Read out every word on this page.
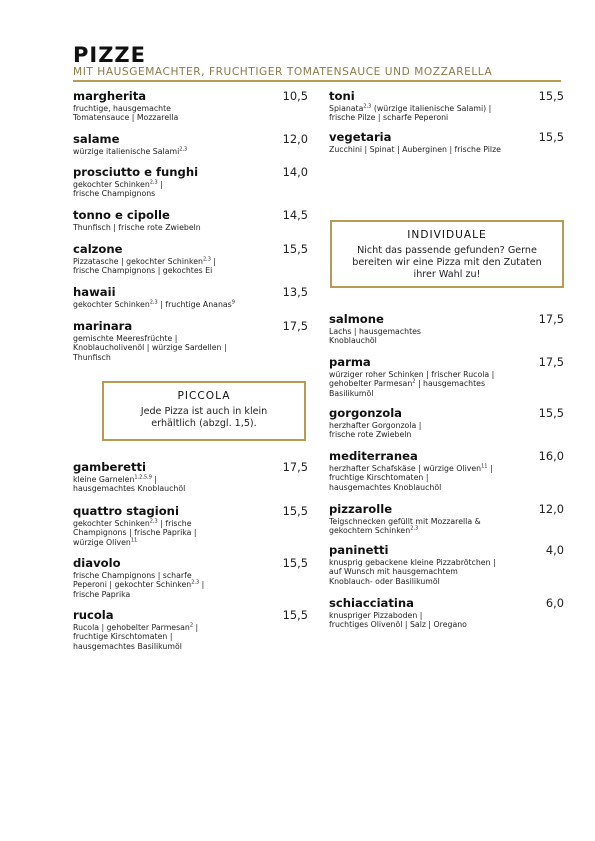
PIZZE
MIT HAUSGEMACHTER, FRUCHTIGER TOMATENSAUCE UND MOZZARELLA
margherita
fruchtige, hausgemachte
Tomatensauce | Mozzarella
10,5
salame
würzige italienische Salami$^{2,3}$
12,0
prosciutto e funghi
gekochter Schinken$^{2,3}$ |
frische Champignons
14,0
tonno e cipolle
Thunfisch | frische rote Zwiebeln
14,5
calzone
Pizzatasche | gekochter Schinken$^{2,3}$ |
frische Champignons | gekochtes Ei
15,5
hawaii
gekochter Schinken$^{2,3}$ | fruchtige Ananas$^9$
13,5
marinara
gemischte Meeresfrüchte |
Knoblaucholivenöl | würzige Sardellen |
Thunfisch
17,5
PICCOLA
Jede Pizza ist auch in klein erhältlich (abzgl. 1,5).
gamberetti
kleine Garnelen$^{1,2,5,9}$ |
hausgemachtes Knoblauchöl
17,5
quattro stagioni
gekochter Schinken$^{2,3}$ | frische
Champignons | frische Paprika |
würzige Oliven$^{11}$
15,5
diavolo
frische Champignons | scharfe
Peperoni | gekochter Schinken$^{2,3}$ |
frische Paprika
15,5
rucola
Rucola | gehobelter Parmesan$^2$ |
fruchtige Kirschtomaten |
hausgemachtes Basilikumöl
15,5
toni
Spianata$^{2,3}$ (würzige italienische Salami) |
frische Pilze | scharfe Peperoni
15,5
vegetaria
Zucchini | Spinat | Auberginen | frische Pilze
15,5
INDIVIDUALE
Nicht das passende gefunden? Gerne bereiten wir eine Pizza mit den Zutaten ihrer Wahl zu!
salmone
Lachs | hausgemachtes
Knoblauchöl
17,5
parma
würziger roher Schinken | frischer Rucola |
gehobelter Parmesan$^2$ | hausgemachtes
Basilikumöl
17,5
gorgonzola
herzhafter Gorgonzola |
frische rote Zwiebeln
15,5
mediterranea
herzhafter Schafskäse | würzige Oliven$^{11}$ |
fruchtige Kirschtomaten |
hausgemachtes Knoblauchöl
16,0
pizzarolle
Teigschnecken gefüllt mit Mozzarella &
gekochtem Schinken$^{2,3}$
12,0
paninetti
knusprig gebackene kleine Pizzabrötchen |
auf Wunsch mit hausgemachtem
Knoblauch- oder Basilikumöl
4,0
schiacciatina
knuspriger Pizzaboden |
fruchtiges Olivenöl | Salz | Oregano
6,0
